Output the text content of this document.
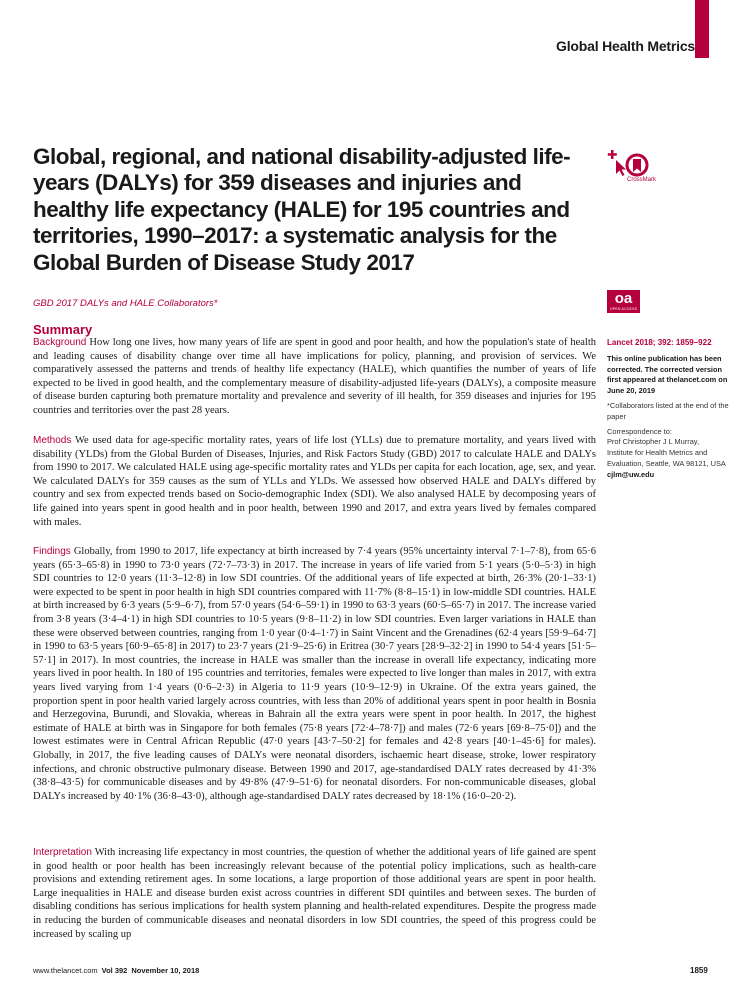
Global Health Metrics
Global, regional, and national disability-adjusted life-years (DALYs) for 359 diseases and injuries and healthy life expectancy (HALE) for 195 countries and territories, 1990–2017: a systematic analysis for the Global Burden of Disease Study 2017
CrossMark
oa
OPEN ACCESS
GBD 2017 DALYs and HALE Collaborators*
Summary

Background How long one lives, how many years of life are spent in good and poor health, and how the population's state of health and leading causes of disability change over time all have implications for policy, planning, and provision of services. We comparatively assessed the patterns and trends of healthy life expectancy (HALE), which quantifies the number of years of life expected to be lived in good health, and the complementary measure of disability-adjusted life-years (DALYs), a composite measure of disease burden capturing both premature mortality and prevalence and severity of ill health, for 359 diseases and injuries for 195 countries and territories over the past 28 years.

Methods We used data for age-specific mortality rates, years of life lost (YLLs) due to premature mortality, and years lived with disability (YLDs) from the Global Burden of Diseases, Injuries, and Risk Factors Study (GBD) 2017 to calculate HALE and DALYs from 1990 to 2017. We calculated HALE using age-specific mortality rates and YLDs per capita for each location, age, sex, and year. We calculated DALYs for 359 causes as the sum of YLLs and YLDs. We assessed how observed HALE and DALYs differed by country and sex from expected trends based on Socio-demographic Index (SDI). We also analysed HALE by decomposing years of life gained into years spent in good health and in poor health, between 1990 and 2017, and extra years lived by females compared with males.

Findings Globally, from 1990 to 2017, life expectancy at birth increased by 7·4 years (95% uncertainty interval 7·1–7·8), from 65·6 years (65·3–65·8) in 1990 to 73·0 years (72·7–73·3) in 2017. The increase in years of life varied from 5·1 years (5·0–5·3) in high SDI countries to 12·0 years (11·3–12·8) in low SDI countries. Of the additional years of life expected at birth, 26·3% (20·1–33·1) were expected to be spent in poor health in high SDI countries compared with 11·7% (8·8–15·1) in low-middle SDI countries. HALE at birth increased by 6·3 years (5·9–6·7), from 57·0 years (54·6–59·1) in 1990 to 63·3 years (60·5–65·7) in 2017. The increase varied from 3·8 years (3·4–4·1) in high SDI countries to 10·5 years (9·8–11·2) in low SDI countries. Even larger variations in HALE than these were observed between countries, ranging from 1·0 year (0·4–1·7) in Saint Vincent and the Grenadines (62·4 years [59·9–64·7] in 1990 to 63·5 years [60·9–65·8] in 2017) to 23·7 years (21·9–25·6) in Eritrea (30·7 years [28·9–32·2] in 1990 to 54·4 years [51·5–57·1] in 2017). In most countries, the increase in HALE was smaller than the increase in overall life expectancy, indicating more years lived in poor health. In 180 of 195 countries and territories, females were expected to live longer than males in 2017, with extra years lived varying from 1·4 years (0·6–2·3) in Algeria to 11·9 years (10·9–12·9) in Ukraine. Of the extra years gained, the proportion spent in poor health varied largely across countries, with less than 20% of additional years spent in poor health in Bosnia and Herzegovina, Burundi, and Slovakia, whereas in Bahrain all the extra years were spent in poor health. In 2017, the highest estimate of HALE at birth was in Singapore for both females (75·8 years [72·4–78·7]) and males (72·6 years [69·8–75·0]) and the lowest estimates were in Central African Republic (47·0 years [43·7–50·2] for females and 42·8 years [40·1–45·6] for males). Globally, in 2017, the five leading causes of DALYs were neonatal disorders, ischaemic heart disease, stroke, lower respiratory infections, and chronic obstructive pulmonary disease. Between 1990 and 2017, age-standardised DALY rates decreased by 41·3% (38·8–43·5) for communicable diseases and by 49·8% (47·9–51·6) for neonatal disorders. For non-communicable diseases, global DALYs increased by 40·1% (36·8–43·0), although age-standardised DALY rates decreased by 18·1% (16·0–20·2).

Interpretation With increasing life expectancy in most countries, the question of whether the additional years of life gained are spent in good health or poor health has been increasingly relevant because of the potential policy implications, such as health-care provisions and extending retirement ages. In some locations, a large proportion of those additional years are spent in poor health. Large inequalities in HALE and disease burden exist across countries in different SDI quintiles and between sexes. The burden of disabling conditions has serious implications for health system planning and health-related expenditures. Despite the progress made in reducing the burden of communicable diseases and neonatal disorders in low SDI countries, the speed of this progress could be increased by scaling up

Lancet 2018; 392: 1859–922
This online publication has been corrected. The corrected version first appeared at thelancet.com on June 20, 2019
*Collaborators listed at the end of the paper
Correspondence to:
Prof Christopher J L Murray,
Institute for Health Metrics and Evaluation, Seattle, WA 98121, USA
cjlm@uw.edu
www.thelancet.com Vol 392 November 10, 2018	1859
